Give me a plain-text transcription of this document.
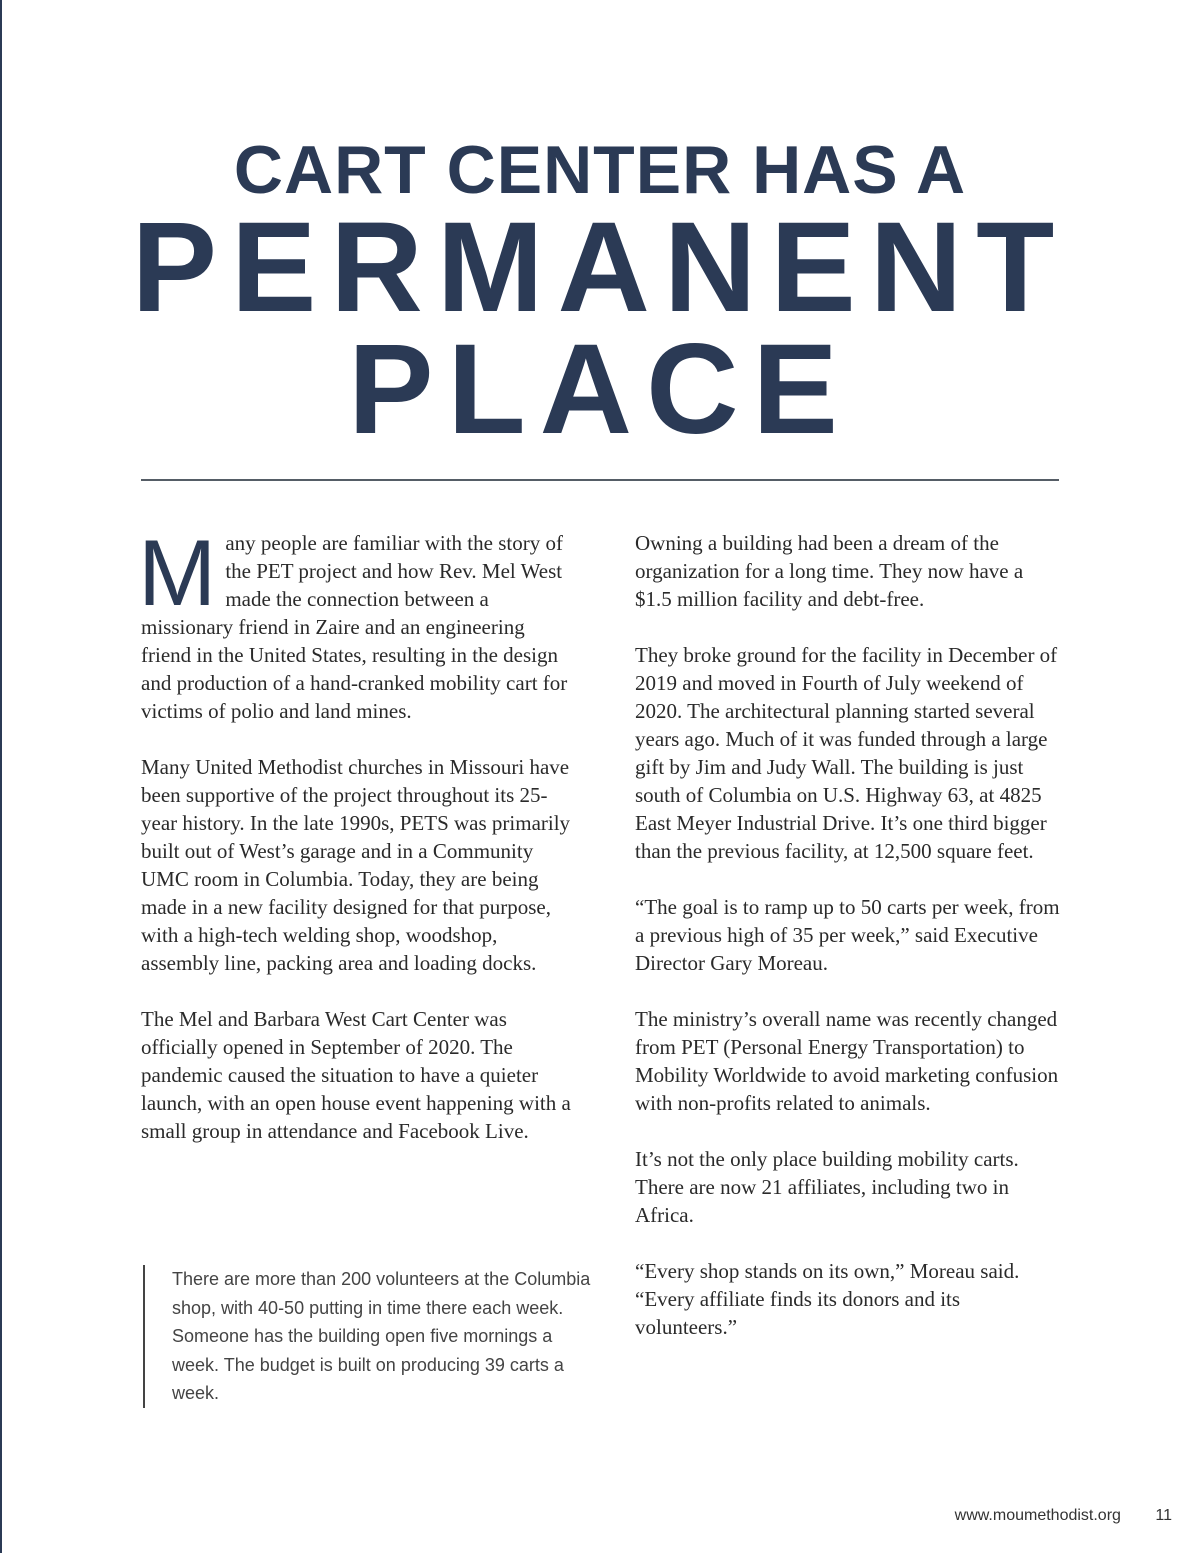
CART CENTER HAS A
PERMANENT
PLACE

Many people are familiar with the story of the PET project and how Rev. Mel West made the connection between a missionary friend in Zaire and an engineering friend in the United States, resulting in the design and production of a hand-cranked mobility cart for victims of polio and land mines.

Many United Methodist churches in Missouri have been supportive of the project throughout its 25-year history. In the late 1990s, PETS was primarily built out of West’s garage and in a Community UMC room in Columbia. Today, they are being made in a new facility designed for that purpose, with a high-tech welding shop, woodshop, assembly line, packing area and loading docks.

The Mel and Barbara West Cart Center was officially opened in September of 2020. The pandemic caused the situation to have a quieter launch, with an open house event happening with a small group in attendance and Facebook Live.

There are more than 200 volunteers at the Columbia shop, with 40-50 putting in time there each week. Someone has the building open five mornings a week. The budget is built on producing 39 carts a week.

Owning a building had been a dream of the organization for a long time. They now have a $1.5 million facility and debt-free.

They broke ground for the facility in December of 2019 and moved in Fourth of July weekend of 2020. The architectural planning started several years ago. Much of it was funded through a large gift by Jim and Judy Wall. The building is just south of Columbia on U.S. Highway 63, at 4825 East Meyer Industrial Drive. It’s one third bigger than the previous facility, at 12,500 square feet.

“The goal is to ramp up to 50 carts per week, from a previous high of 35 per week,” said Executive Director Gary Moreau.

The ministry’s overall name was recently changed from PET (Personal Energy Transportation) to Mobility Worldwide to avoid marketing confusion with non-profits related to animals.

It’s not the only place building mobility carts. There are now 21 affiliates, including two in Africa.

“Every shop stands on its own,” Moreau said. “Every affiliate finds its donors and its volunteers.”

www.moumethodist.org 11
